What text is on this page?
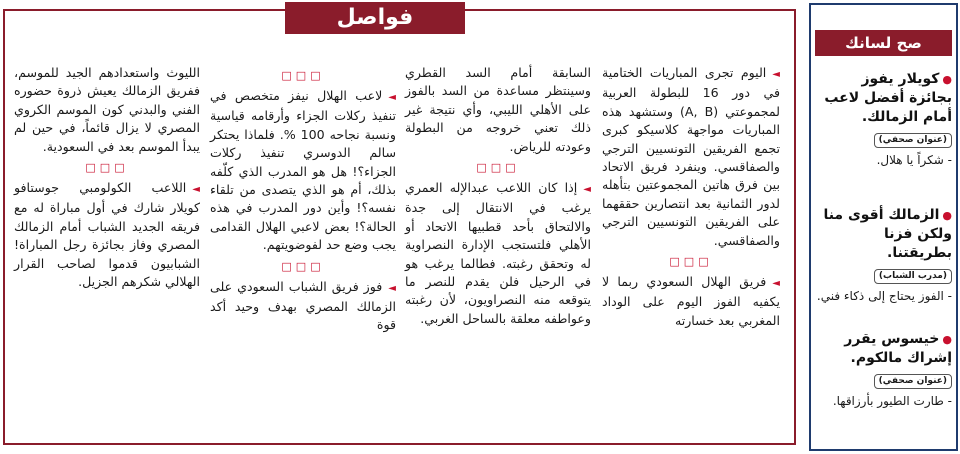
فواصل

◄اليوم تجرى المباريات الختامية في دور 16 للبطولة العربية لمجموعتي (A, B) وستشهد هذه المباريات مواجهة كلاسيكو كبرى تجمع الفريقين التونسيين الترجي والصفاقسي. وينفرد فريق الاتحاد بين فرق هاتين المجموعتين بتأهله لدور الثمانية بعد انتصارين حققهما على الفريقين التونسيين الترجي والصفاقسي.

□□□

◄فريق الهلال السعودي ربما لا يكفيه الفوز اليوم على الوداد المغربي بعد خسارته

السابقة أمام السد القطري وسينتظر مساعدة من السد بالفوز على الأهلي الليبي، وأي نتيجة غير ذلك تعني خروجه من البطولة وعودته للرياض.

□□□

◄إذا كان اللاعب عبدالإله العمري يرغب في الانتقال إلى جدة والالتحاق بأحد قطبيها الاتحاد أو الأهلي فلتستجب الإدارة النصراوية له وتحقق رغبته. فطالما يرغب هو في الرحيل فلن يقدم للنصر ما يتوقعه منه النصراويون، لأن رغبته وعواطفه معلقة بالساحل الغربي.

□□□

◄لاعب الهلال نيفز متخصص في تنفيذ ركلات الجزاء وأرقامه قياسية ونسبة نجاحه 100 %. فلماذا يحتكر سالم الدوسري تنفيذ ركلات الجزاء؟! هل هو المدرب الذي كلّفه بذلك، أم هو الذي يتصدى من تلقاء نفسه؟! وأين دور المدرب في هذه الحالة؟! بعض لاعبي الهلال القدامى يجب وضع حد لفوضويتهم.

□□□

◄فوز فريق الشباب السعودي على الزمالك المصري بهدف وحيد أكد قوة

الليوث واستعدادهم الجيد للموسم، ففريق الزمالك يعيش ذروة حضوره الفني والبدني كون الموسم الكروي المصري لا يزال قائماً، في حين لم يبدأ الموسم بعد في السعودية.

□□□

◄اللاعب الكولومبي جوستافو كويلار شارك في أول مباراة له مع فريقه الجديد الشباب أمام الزمالك المصري وفاز بجائزة رجل المباراة! الشبابيون قدموا لصاحب القرار الهلالي شكرهم الجزيل.

صح لسانك
●كويلار يفوز بجائزة أفضل لاعب أمام الزمالك.
(عنوان صحفي)
- شكراً يا هلال.
●الزمالك أقوى منا ولكن فزنا بطريقتنا.
(مدرب الشباب)
- الفوز يحتاج إلى ذكاء فني.
●خيسوس يقرر إشراك مالكوم.
(عنوان صحفي)
- طارت الطيور بأرزاقها.
